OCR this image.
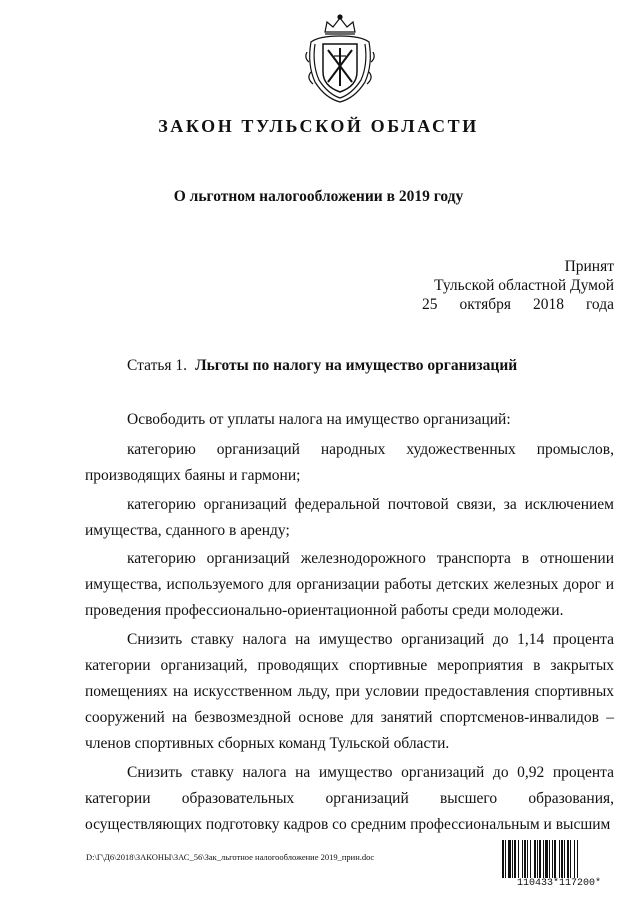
ЗАКОН ТУЛЬСКОЙ ОБЛАСТИ
О льготном налогообложении в 2019 году
Принят
Тульской областной Думой
25 октября 2018 года
Статья 1. Льготы по налогу на имущество организаций

Освободить от уплаты налога на имущество организаций:

категорию организаций народных художественных промыслов, производящих баяны и гармони;

категорию организаций федеральной почтовой связи, за исключением имущества, сданного в аренду;

категорию организаций железнодорожного транспорта в отношении имущества, используемого для организации работы детских железных дорог и проведения профессионально-ориентационной работы среди молодежи.

Снизить ставку налога на имущество организаций до 1,14 процента категории организаций, проводящих спортивные мероприятия в закрытых помещениях на искусственном льду, при условии предоставления спортивных сооружений на безвозмездной основе для занятий спортсменов-инвалидов – членов спортивных сборных команд Тульской области.

Снизить ставку налога на имущество организаций до 0,92 процента категории образовательных организаций высшего образования, осуществляющих подготовку кадров со средним профессиональным и высшим

D:\Г\Д6\2018\ЗАКОНЫ\ЗАС_56\Зак_льготное налогообложение 2019_прин.doc
110433*117200*
